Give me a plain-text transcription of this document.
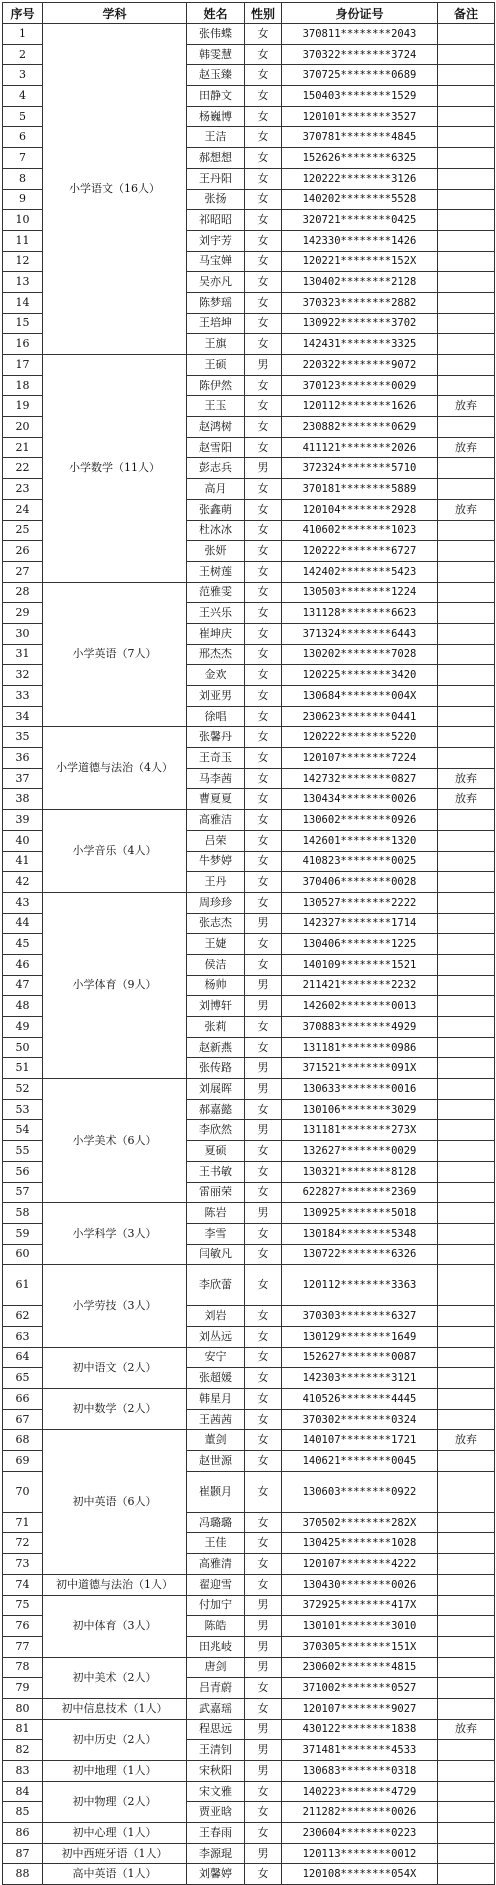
序号	学科	姓名	性别	身份证号	备注
1	小学语文（16人）	张伟蝶	女	370811********2043	
2		韩雯慧	女	370322********3724	
3		赵玉臻	女	370725********0689	
4		田静文	女	150403********1529	
5		杨巍博	女	120101********3527	
6		王洁	女	370781********4845	
7		郝想想	女	152626********6325	
8		王丹阳	女	120222********3126	
9		张扬	女	140202********5528	
10		祁昭昭	女	320721********0425	
11		刘宇芳	女	142330********1426	
12		马宝婵	女	120221********152X	
13		吴亦凡	女	130402********2128	
14		陈梦瑶	女	370323********2882	
15		王培坤	女	130922********3702	
16		王旗	女	142431********3325	
17	小学数学（11人）	王硕	男	220322********9072	
18		陈伊然	女	370123********0029	
19		王玉	女	120112********1626	放弃
20		赵鸿树	女	230882********0629	
21		赵雪阳	女	411121********2026	放弃
22		彭志兵	男	372324********5710	
23		高月	女	370181********5889	
24		张鑫萌	女	120104********2928	放弃
25		杜冰冰	女	410602********1023	
26		张妍	女	120222********6727	
27		王树莲	女	142402********5423	
28	小学英语（7人）	范雅雯	女	130503********1224	
29		王兴乐	女	131128********6623	
30		崔坤庆	女	371324********6443	
31		邢杰杰	女	130202********7028	
32		金欢	女	120225********3420	
33		刘亚男	女	130684********004X	
34		徐唱	女	230623********0441	
35	小学道德与法治（4人）	张馨丹	女	120222********5220	
36		王奇玉	女	120107********7224	
37		马李茜	女	142732********0827	放弃
38		曹夏夏	女	130434********0026	放弃
39	小学音乐（4人）	高雅洁	女	130602********0926	
40		吕荣	女	142601********1320	
41		牛梦婷	女	410823********0025	
42		王丹	女	370406********0028	
43	小学体育（9人）	周珍珍	女	130527********2222	
44		张志杰	男	142327********1714	
45		王婕	女	130406********1225	
46		侯洁	女	140109********1521	
47		杨帅	男	211421********2232	
48		刘博轩	男	142602********0013	
49		张莉	女	370883********4929	
50		赵新燕	女	131181********0986	
51		张传路	男	371521********091X	
52	小学美术（6人）	刘展晖	男	130633********0016	
53		郝嘉懿	女	130106********3029	
54		李欣然	男	131181********273X	
55		夏硕	女	132627********0029	
56		王书敏	女	130321********8128	
57		雷丽荣	女	622827********2369	
58	小学科学（3人）	陈岩	男	130925********5018	
59		李雪	女	130184********5348	
60		闫敏凡	女	130722********6326	
61	小学劳技（3人）	李欣蕾	女	120112********3363	
62		刘岩	女	370303********6327	
63		刘丛远	女	130129********1649	
64	初中语文（2人）	安宁	女	152627********0087	
65		张超媛	女	142303********3121	
66	初中数学（2人）	韩星月	女	410526********4445	
67		王茜茜	女	370302********0324	
68	初中英语（6人）	董剑	女	140107********1721	放弃
69		赵世源	女	140621********0045	
70		崔颢月	女	130603********0922	
71		冯璐璐	女	370502********282X	
72		王佳	女	130425********1028	
73		高雅清	女	120107********4222	
74	初中道德与法治（1人）	翟迎雪	女	130430********0026	
75	初中体育（3人）	付加宁	男	372925********417X	
76		陈皓	男	130101********3010	
77		田兆岐	男	370305********151X	
78	初中美术（2人）	唐剑	男	230602********4815	
79		吕青蔚	女	371002********0527	
80	初中信息技术（1人）	武嘉瑶	女	120107********9027	
81	初中历史（2人）	程思远	男	430122********1838	放弃
82		王清钊	男	371481********4533	
83	初中地理（1人）	宋秋阳	男	130683********0318	
84	初中物理（2人）	宋文雅	女	140223********4729	
85		贾亚晗	女	211282********0026	
86	初中心理（1人）	王春雨	女	230604********0223	
87	初中西班牙语（1人）	李源琨	男	120113********0012	
88	高中英语（1人）	刘馨婷	女	120108********054X	
